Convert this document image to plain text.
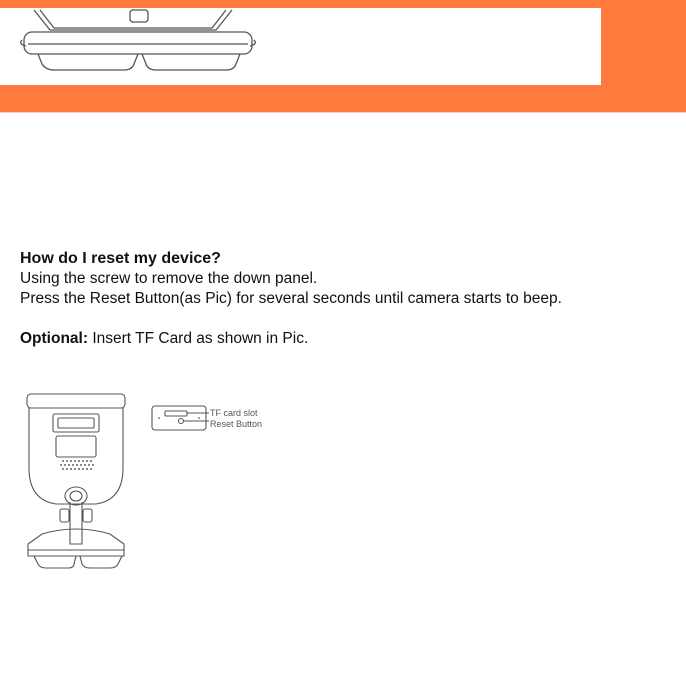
How do I reset my device?

Using the screw to remove the down panel.

Press the Reset Button(as Pic) for several seconds until camera starts to beep.

Optional: Insert TF Card as shown in Pic.

TF card slot
Reset Button
